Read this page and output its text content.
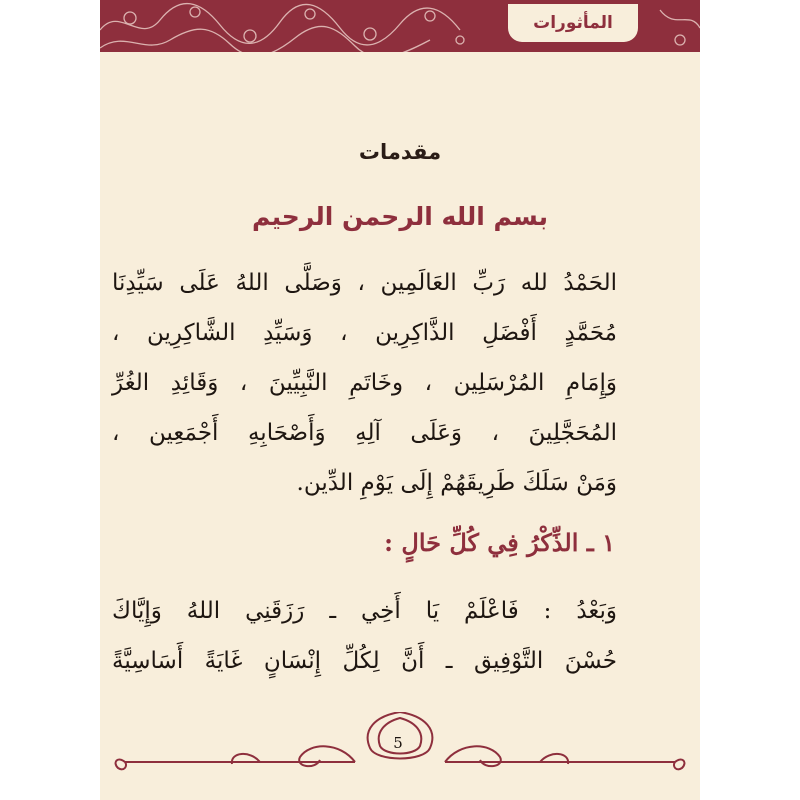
المأثورات
مقدمات
بسم الله الرحمن الرحيم
الحَمْدُ لله رَبِّ العَالَمِين ، وَصَلَّى اللهُ عَلَى سَيِّدِنَا
مُحَمَّدٍ أَفْضَلِ الذَّاكِرِين ، وَسَيِّدِ الشَّاكِرِين ،
وَإِمَامِ المُرْسَلِين ، وخَاتَمِ النَّبِيِّينَ ، وَقَائِدِ الغُرِّ
المُحَجَّلِينَ ، وَعَلَى آلِهِ وَأَصْحَابِهِ أَجْمَعِين ،
وَمَنْ سَلَكَ طَرِيقَهُمْ إِلَى يَوْمِ الدِّين.
١ ـ الذِّكْرُ فِي كُلِّ حَالٍ :
وَبَعْدُ : فَاعْلَمْ يَا أَخِي ـ رَزَقَنِي اللهُ وَإِيَّاكَ
حُسْنَ التَّوْفِيق ـ أَنَّ لِكُلِّ إِنْسَانٍ غَايَةً أَسَاسِيَّةً
5
